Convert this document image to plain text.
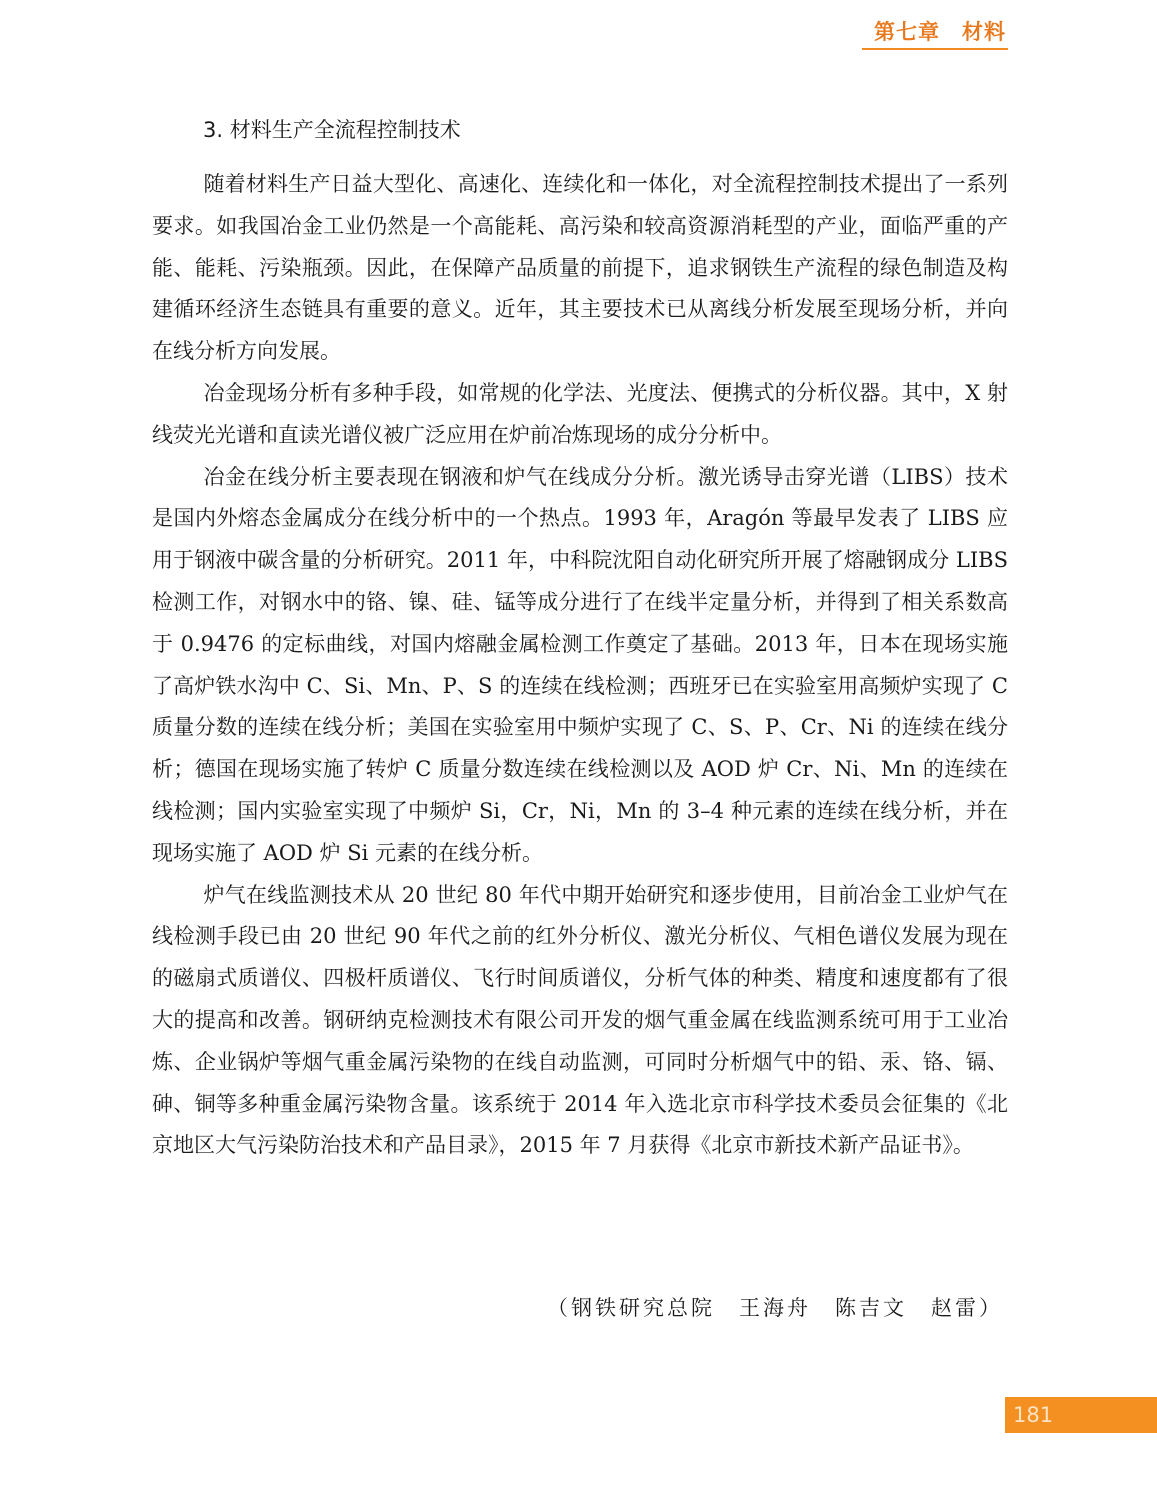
第七章　材料
3. 材料生产全流程控制技术

随着材料生产日益大型化、高速化、连续化和一体化，对全流程控制技术提出了一系列要求。如我国冶金工业仍然是一个高能耗、高污染和较高资源消耗型的产业，面临严重的产能、能耗、污染瓶颈。因此，在保障产品质量的前提下，追求钢铁生产流程的绿色制造及构建循环经济生态链具有重要的意义。近年，其主要技术已从离线分析发展至现场分析，并向在线分析方向发展。

冶金现场分析有多种手段，如常规的化学法、光度法、便携式的分析仪器。其中，X 射线荧光光谱和直读光谱仪被广泛应用在炉前冶炼现场的成分分析中。

冶金在线分析主要表现在钢液和炉气在线成分分析。激光诱导击穿光谱（LIBS）技术是国内外熔态金属成分在线分析中的一个热点。1993 年，Aragón 等最早发表了 LIBS 应用于钢液中碳含量的分析研究。2011 年，中科院沈阳自动化研究所开展了熔融钢成分 LIBS 检测工作，对钢水中的铬、镍、硅、锰等成分进行了在线半定量分析，并得到了相关系数高于 0.9476 的定标曲线，对国内熔融金属检测工作奠定了基础。2013 年，日本在现场实施了高炉铁水沟中 C、Si、Mn、P、S 的连续在线检测；西班牙已在实验室用高频炉实现了 C 质量分数的连续在线分析；美国在实验室用中频炉实现了 C、S、P、Cr、Ni 的连续在线分析；德国在现场实施了转炉 C 质量分数连续在线检测以及 AOD 炉 Cr、Ni、Mn 的连续在线检测；国内实验室实现了中频炉 Si，Cr，Ni，Mn 的 3–4 种元素的连续在线分析，并在现场实施了 AOD 炉 Si 元素的在线分析。

炉气在线监测技术从 20 世纪 80 年代中期开始研究和逐步使用，目前冶金工业炉气在线检测手段已由 20 世纪 90 年代之前的红外分析仪、激光分析仪、气相色谱仪发展为现在的磁扇式质谱仪、四极杆质谱仪、飞行时间质谱仪，分析气体的种类、精度和速度都有了很大的提高和改善。钢研纳克检测技术有限公司开发的烟气重金属在线监测系统可用于工业冶炼、企业锅炉等烟气重金属污染物的在线自动监测，可同时分析烟气中的铅、汞、铬、镉、砷、铜等多种重金属污染物含量。该系统于 2014 年入选北京市科学技术委员会征集的《北京地区大气污染防治技术和产品目录》，2015 年 7 月获得《北京市新技术新产品证书》。

（钢铁研究总院　王海舟　陈吉文　赵雷）
181
